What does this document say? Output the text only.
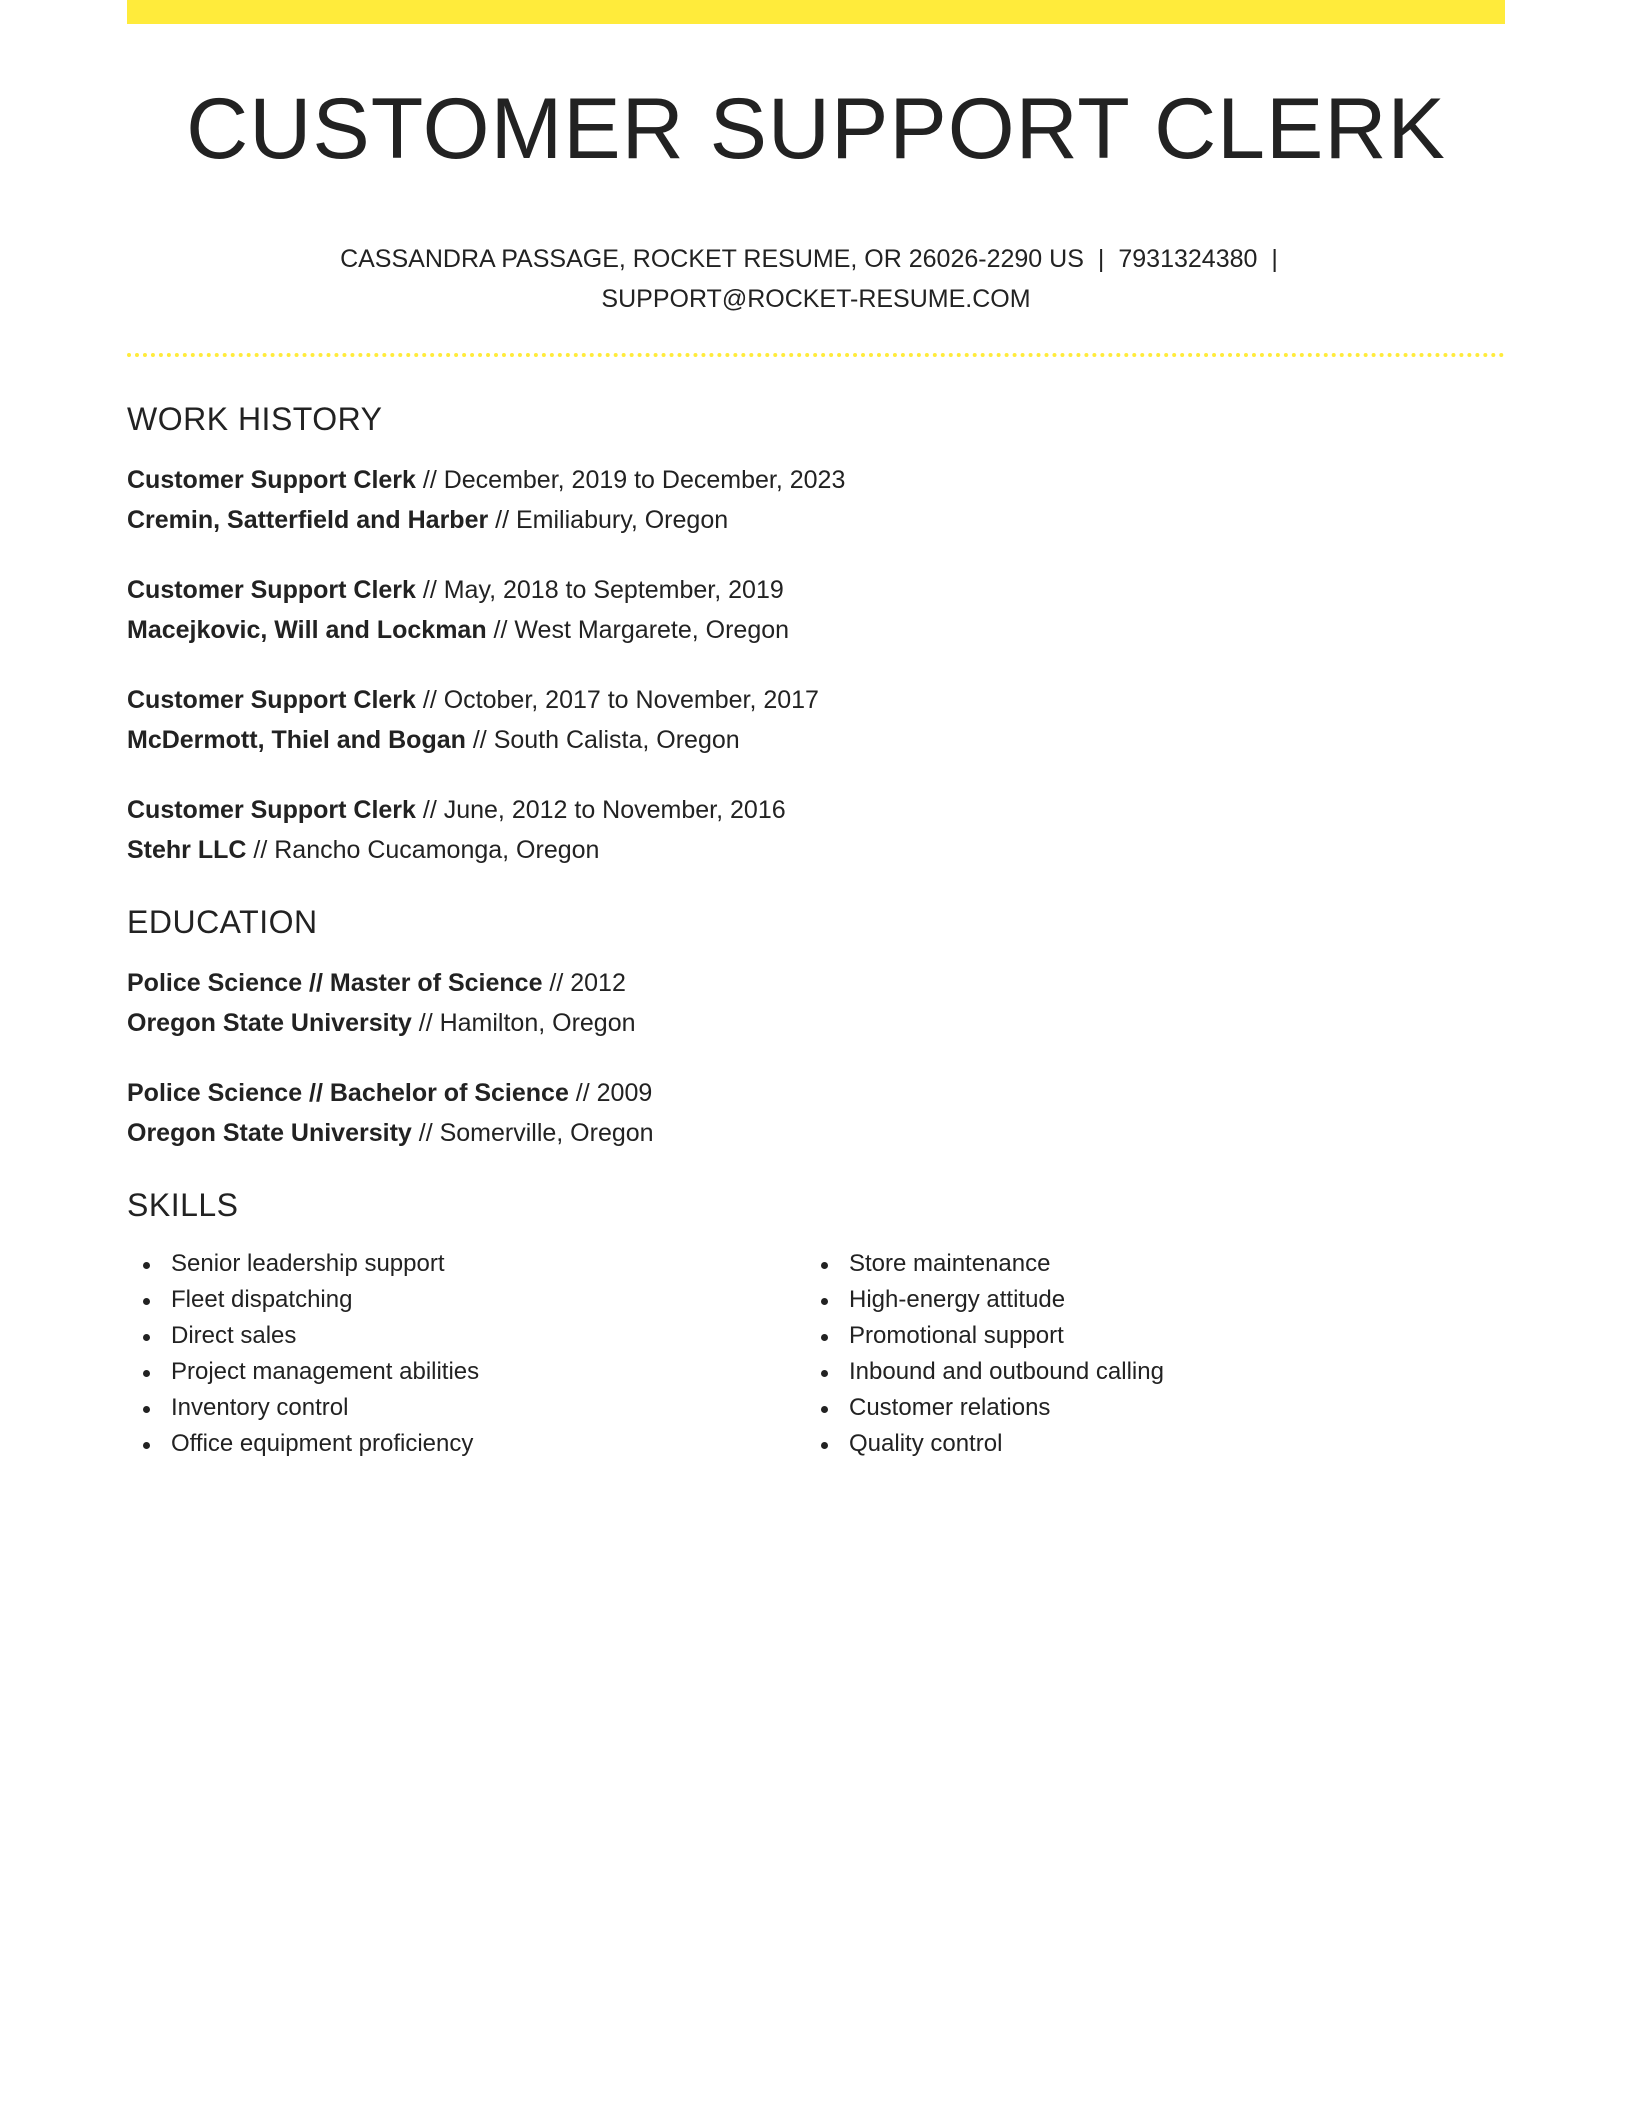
CUSTOMER SUPPORT CLERK
CASSANDRA PASSAGE, ROCKET RESUME, OR 26026-2290 US | 7931324380 |
SUPPORT@ROCKET-RESUME.COM
WORK HISTORY
Customer Support Clerk // December, 2019 to December, 2023
Cremin, Satterfield and Harber // Emiliabury, Oregon
Customer Support Clerk // May, 2018 to September, 2019
Macejkovic, Will and Lockman // West Margarete, Oregon
Customer Support Clerk // October, 2017 to November, 2017
McDermott, Thiel and Bogan // South Calista, Oregon
Customer Support Clerk // June, 2012 to November, 2016
Stehr LLC // Rancho Cucamonga, Oregon
EDUCATION
Police Science // Master of Science // 2012
Oregon State University // Hamilton, Oregon
Police Science // Bachelor of Science // 2009
Oregon State University // Somerville, Oregon
SKILLS
Senior leadership support
Fleet dispatching
Direct sales
Project management abilities
Inventory control
Office equipment proficiency
Store maintenance
High-energy attitude
Promotional support
Inbound and outbound calling
Customer relations
Quality control
